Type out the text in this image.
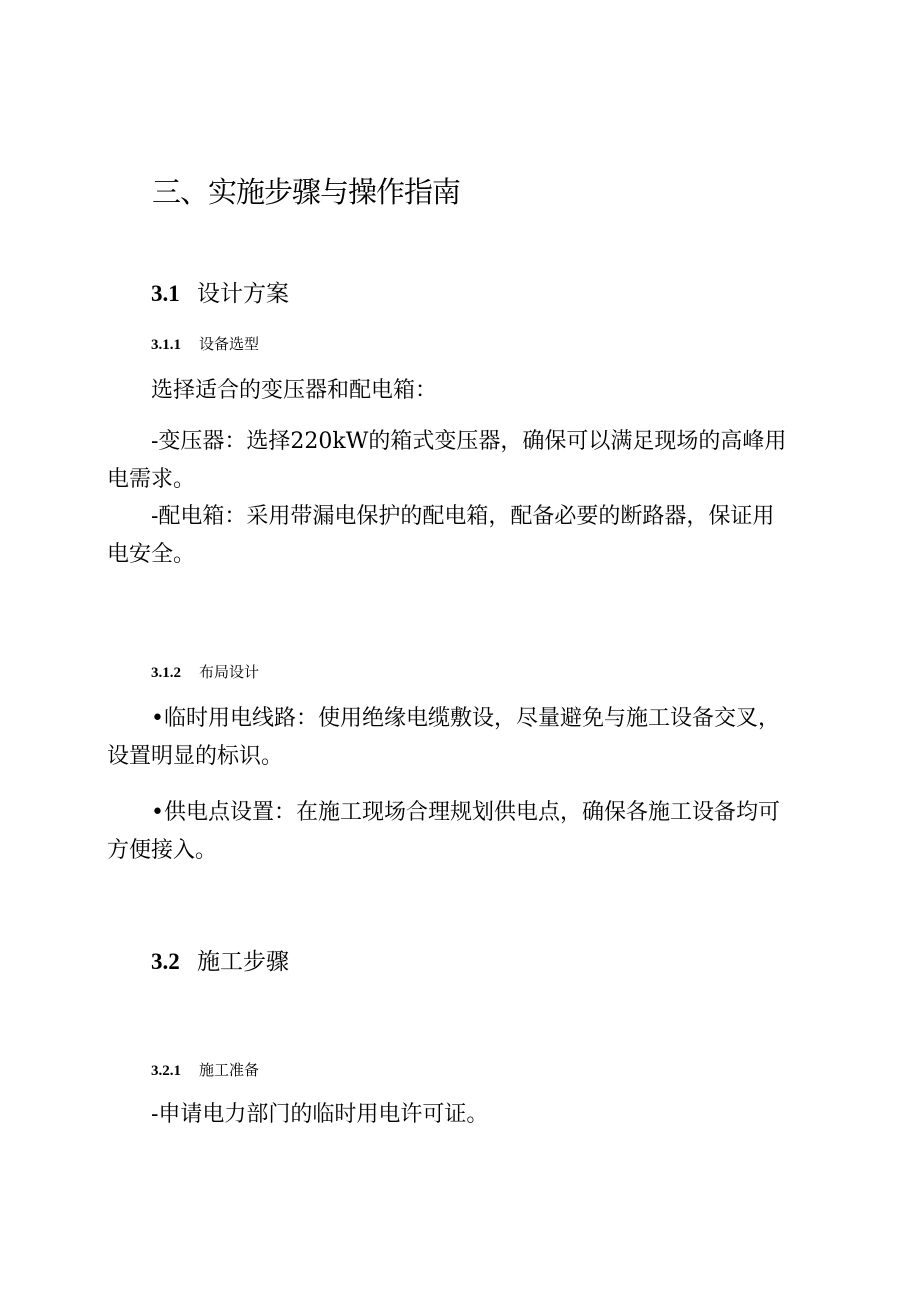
三、实施步骤与操作指南
3.1 设计方案
3.1.1 设备选型
选择适合的变压器和配电箱：
-变压器：选择220kW的箱式变压器，确保可以满足现场的高峰用
电需求。
-配电箱：采用带漏电保护的配电箱，配备必要的断路器，保证用
电安全。
3.1.2 布局设计
•临时用电线路：使用绝缘电缆敷设，尽量避免与施工设备交叉，
设置明显的标识。
•供电点设置：在施工现场合理规划供电点，确保各施工设备均可
方便接入。
3.2 施工步骤
3.2.1 施工准备
-申请电力部门的临时用电许可证。
